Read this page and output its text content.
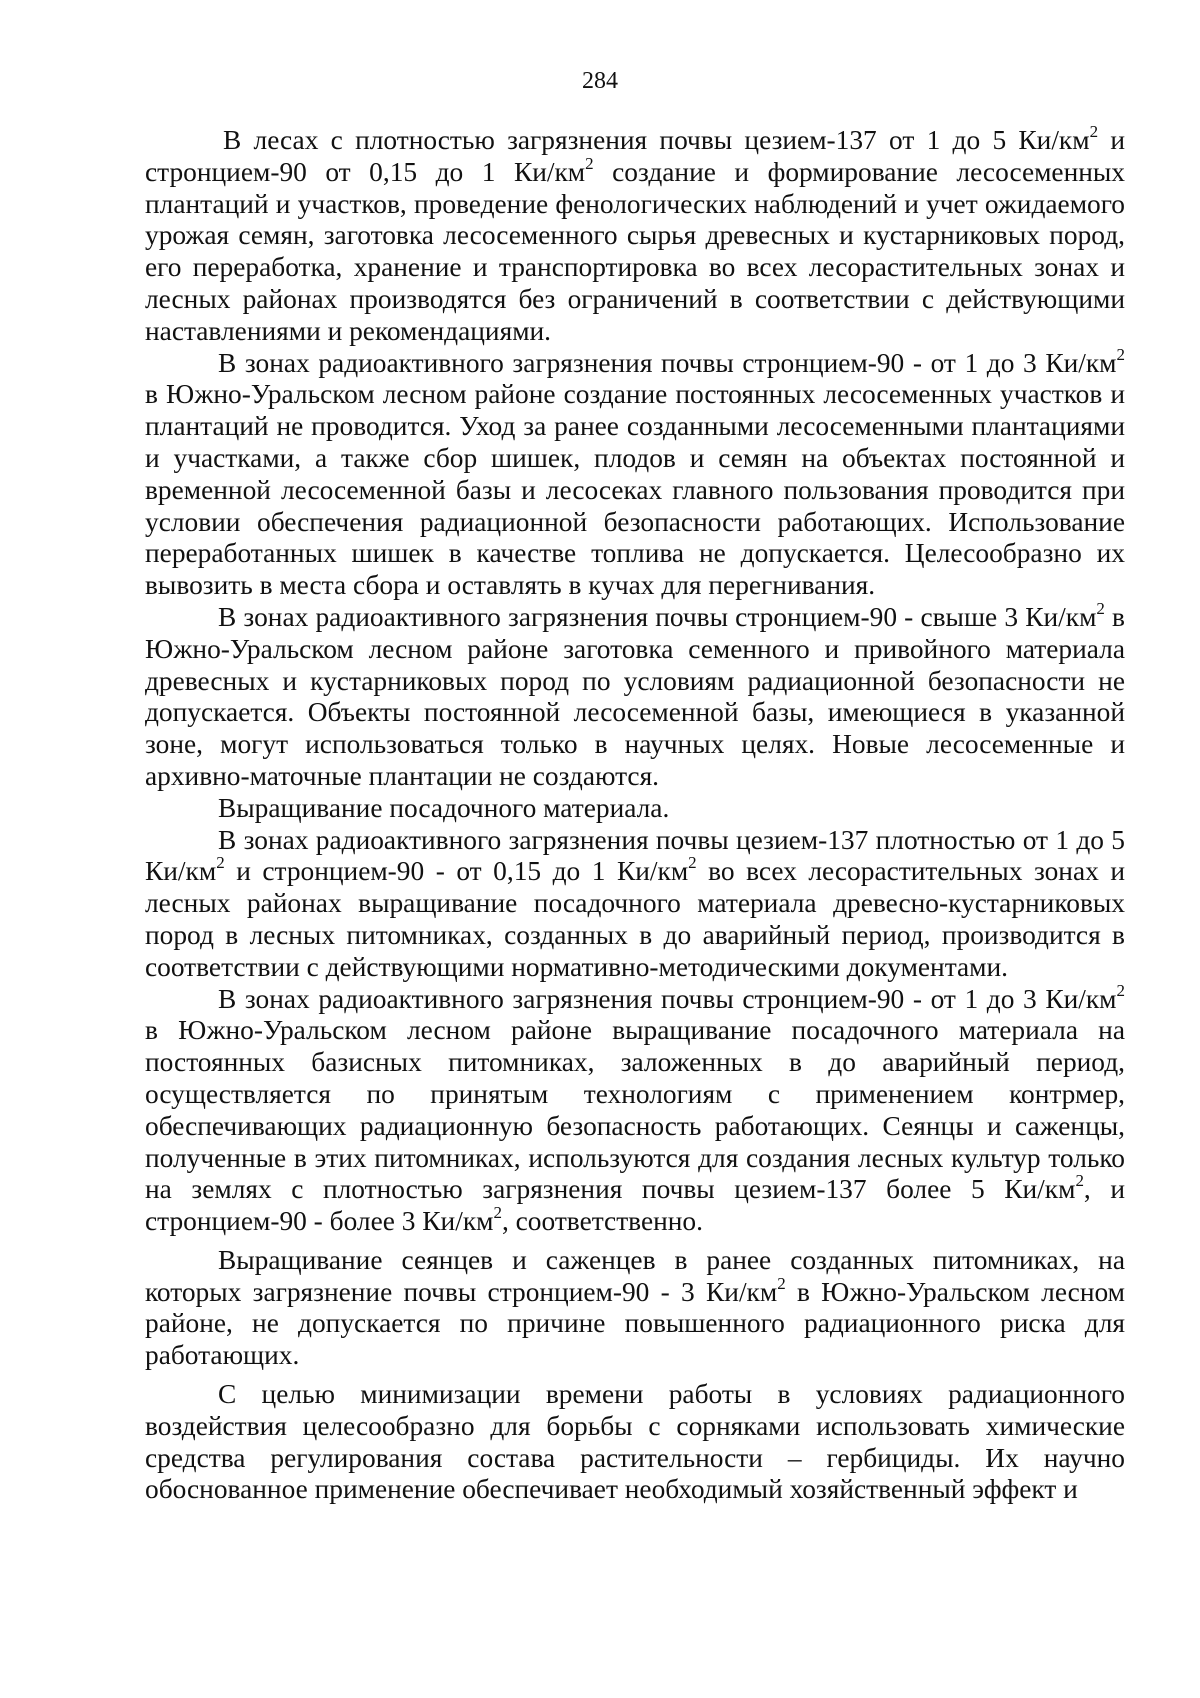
284

В лесах с плотностью загрязнения почвы цезием-137 от 1 до 5 $Ки/км^2$ и стронцием-90 от 0,15 до 1 $Ки/км^2$ создание и формирование лесосеменных плантаций и участков, проведение фенологических наблюдений и учет ожидаемого урожая семян, заготовка лесосеменного сырья древесных и кустарниковых пород, его переработка, хранение и транспортировка во всех лесорастительных зонах и лесных районах производятся без ограничений в соответствии с действующими наставлениями и рекомендациями.

В зонах радиоактивного загрязнения почвы стронцием-90 - от 1 до 3 $Ки/км^2$ в Южно-Уральском лесном районе создание постоянных лесосеменных участков и плантаций не проводится. Уход за ранее созданными лесосеменными плантациями и участками, а также сбор шишек, плодов и семян на объектах постоянной и временной лесосеменной базы и лесосеках главного пользования проводится при условии обеспечения радиационной безопасности работающих. Использование переработанных шишек в качестве топлива не допускается. Целесообразно их вывозить в места сбора и оставлять в кучах для перегнивания.

В зонах радиоактивного загрязнения почвы стронцием-90 - свыше 3 $Ки/км^2$ в Южно-Уральском лесном районе заготовка семенного и привойного материала древесных и кустарниковых пород по условиям радиационной безопасности не допускается. Объекты постоянной лесосеменной базы, имеющиеся в указанной зоне, могут использоваться только в научных целях. Новые лесосеменные и архивно-маточные плантации не создаются.

Выращивание посадочного материала.

В зонах радиоактивного загрязнения почвы цезием-137 плотностью от 1 до 5 $Ки/км^2$ и стронцием-90 - от 0,15 до 1 $Ки/км^2$ во всех лесорастительных зонах и лесных районах выращивание посадочного материала древесно-кустарниковых пород в лесных питомниках, созданных в до аварийный период, производится в соответствии с действующими нормативно-методическими документами.

В зонах радиоактивного загрязнения почвы стронцием-90 - от 1 до 3 $Ки/км^2$ в Южно-Уральском лесном районе выращивание посадочного материала на постоянных базисных питомниках, заложенных в до аварийный период, осуществляется по принятым технологиям с применением контрмер, обеспечивающих радиационную безопасность работающих. Сеянцы и саженцы, полученные в этих питомниках, используются для создания лесных культур только на землях с плотностью загрязнения почвы цезием-137 более 5 $Ки/км^2$, и стронцием-90 - более 3 $Ки/км^2$, соответственно.

Выращивание сеянцев и саженцев в ранее созданных питомниках, на которых загрязнение почвы стронцием-90 - 3 $Ки/км^2$ в Южно-Уральском лесном районе, не допускается по причине повышенного радиационного риска для работающих.

С целью минимизации времени работы в условиях радиационного воздействия целесообразно для борьбы с сорняками использовать химические средства регулирования состава растительности – гербициды. Их научно обоснованное применение обеспечивает необходимый хозяйственный эффект и
